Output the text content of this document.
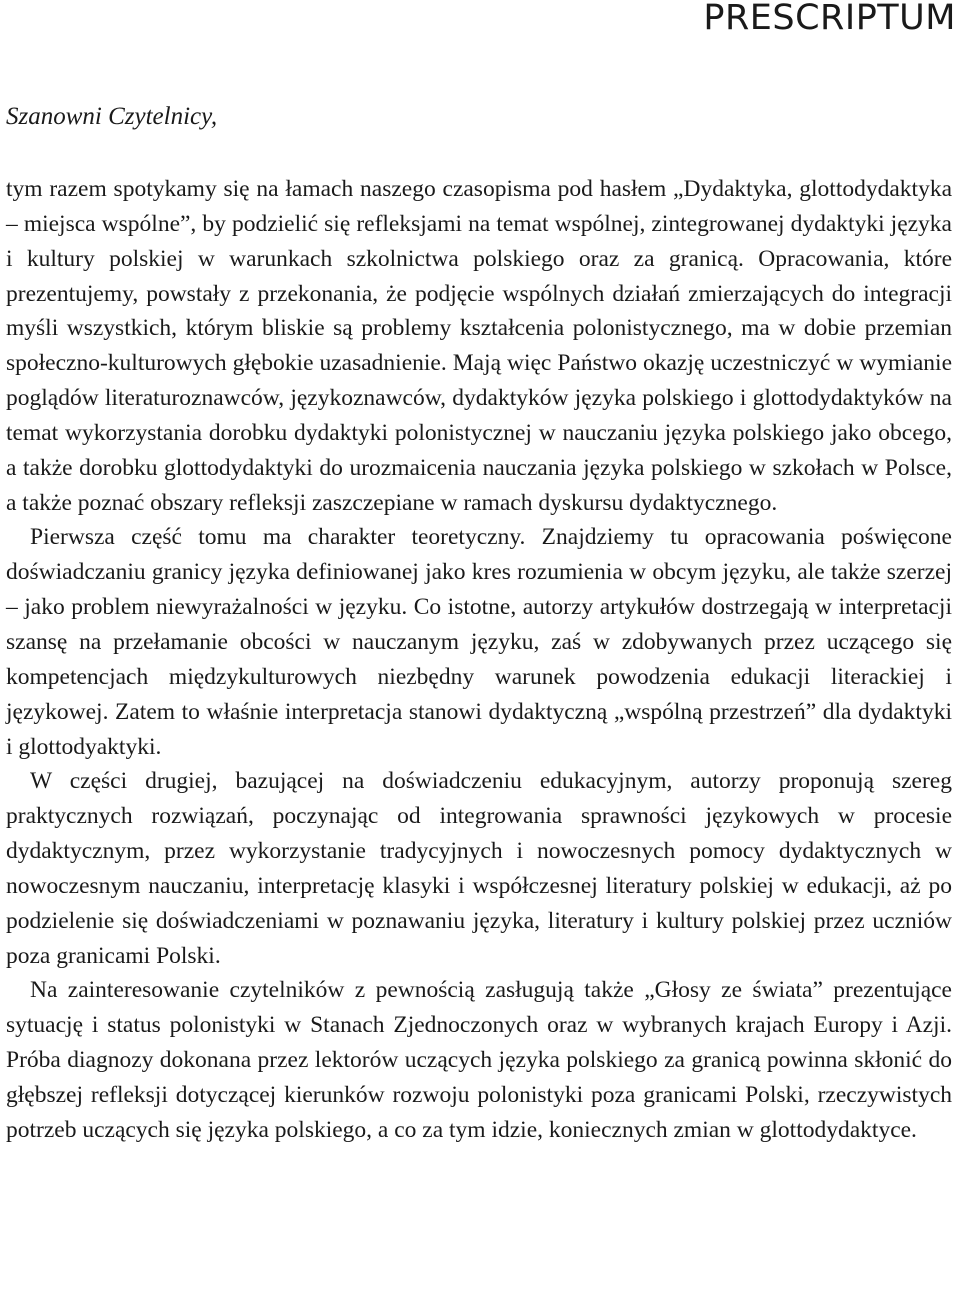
PRESCRIPTUM

Szanowni Czytelnicy,

tym razem spotykamy się na łamach naszego czasopisma pod hasłem „Dydaktyka, glottodydaktyka – miejsca wspólne”, by podzielić się refleksjami na temat wspólnej, zintegrowanej dydaktyki języka i kultury polskiej w warunkach szkolnictwa polskiego oraz za granicą. Opracowania, które prezentujemy, powstały z przekonania, że podjęcie wspólnych działań zmierzających do integracji myśli wszystkich, którym bliskie są problemy kształcenia polonistycznego, ma w dobie przemian społeczno-​kulturowych głębokie uzasadnienie. Mają więc Państwo okazję uczestniczyć w wymianie poglądów literaturoznawców, językoznawców, dydaktyków języka polskiego i glottodydaktyków na temat wykorzystania dorobku dydaktyki polonistycznej w nauczaniu języka polskiego jako obcego, a także dorobku glottodydaktyki do urozmaicenia nauczania języka polskiego w szkołach w Polsce, a także poznać obszary refleksji zaszczepiane w ramach dyskursu dydaktycznego.

Pierwsza część tomu ma charakter teoretyczny. Znajdziemy tu opracowania poświęcone doświadczaniu granicy języka definiowanej jako kres rozumienia w obcym języku, ale także szerzej – jako problem niewyrażalności w języku. Co istotne, autorzy artykułów dostrzegają w interpretacji szansę na przełamanie obcości w nauczanym języku, zaś w zdobywanych przez uczącego się kompetencjach międzykulturowych niezbędny warunek powodzenia edukacji literackiej i językowej. Zatem to właśnie interpretacja stanowi dydaktyczną „wspólną przestrzeń” dla dydaktyki i glottodyaktyki.

W części drugiej, bazującej na doświadczeniu edukacyjnym, autorzy proponują szereg praktycznych rozwiązań, poczynając od integrowania sprawności językowych w procesie dydaktycznym, przez wykorzystanie tradycyjnych i nowoczesnych pomocy dydaktycznych w nowoczesnym nauczaniu, interpretację klasyki i współczesnej literatury polskiej w edukacji, aż po podzielenie się doświadczeniami w poznawaniu języka, literatury i kultury polskiej przez uczniów poza granicami Polski.

Na zainteresowanie czytelników z pewnością zasługują także „Głosy ze świata” prezentujące sytuację i status polonistyki w Stanach Zjednoczonych oraz w wybranych krajach Europy i Azji. Próba diagnozy dokonana przez lektorów uczących języka polskiego za granicą powinna skłonić do głębszej refleksji dotyczącej kierunków rozwoju polonistyki poza granicami Polski, rzeczywistych potrzeb uczących się języka polskiego, a co za tym idzie, koniecznych zmian w glottodydaktyce.
